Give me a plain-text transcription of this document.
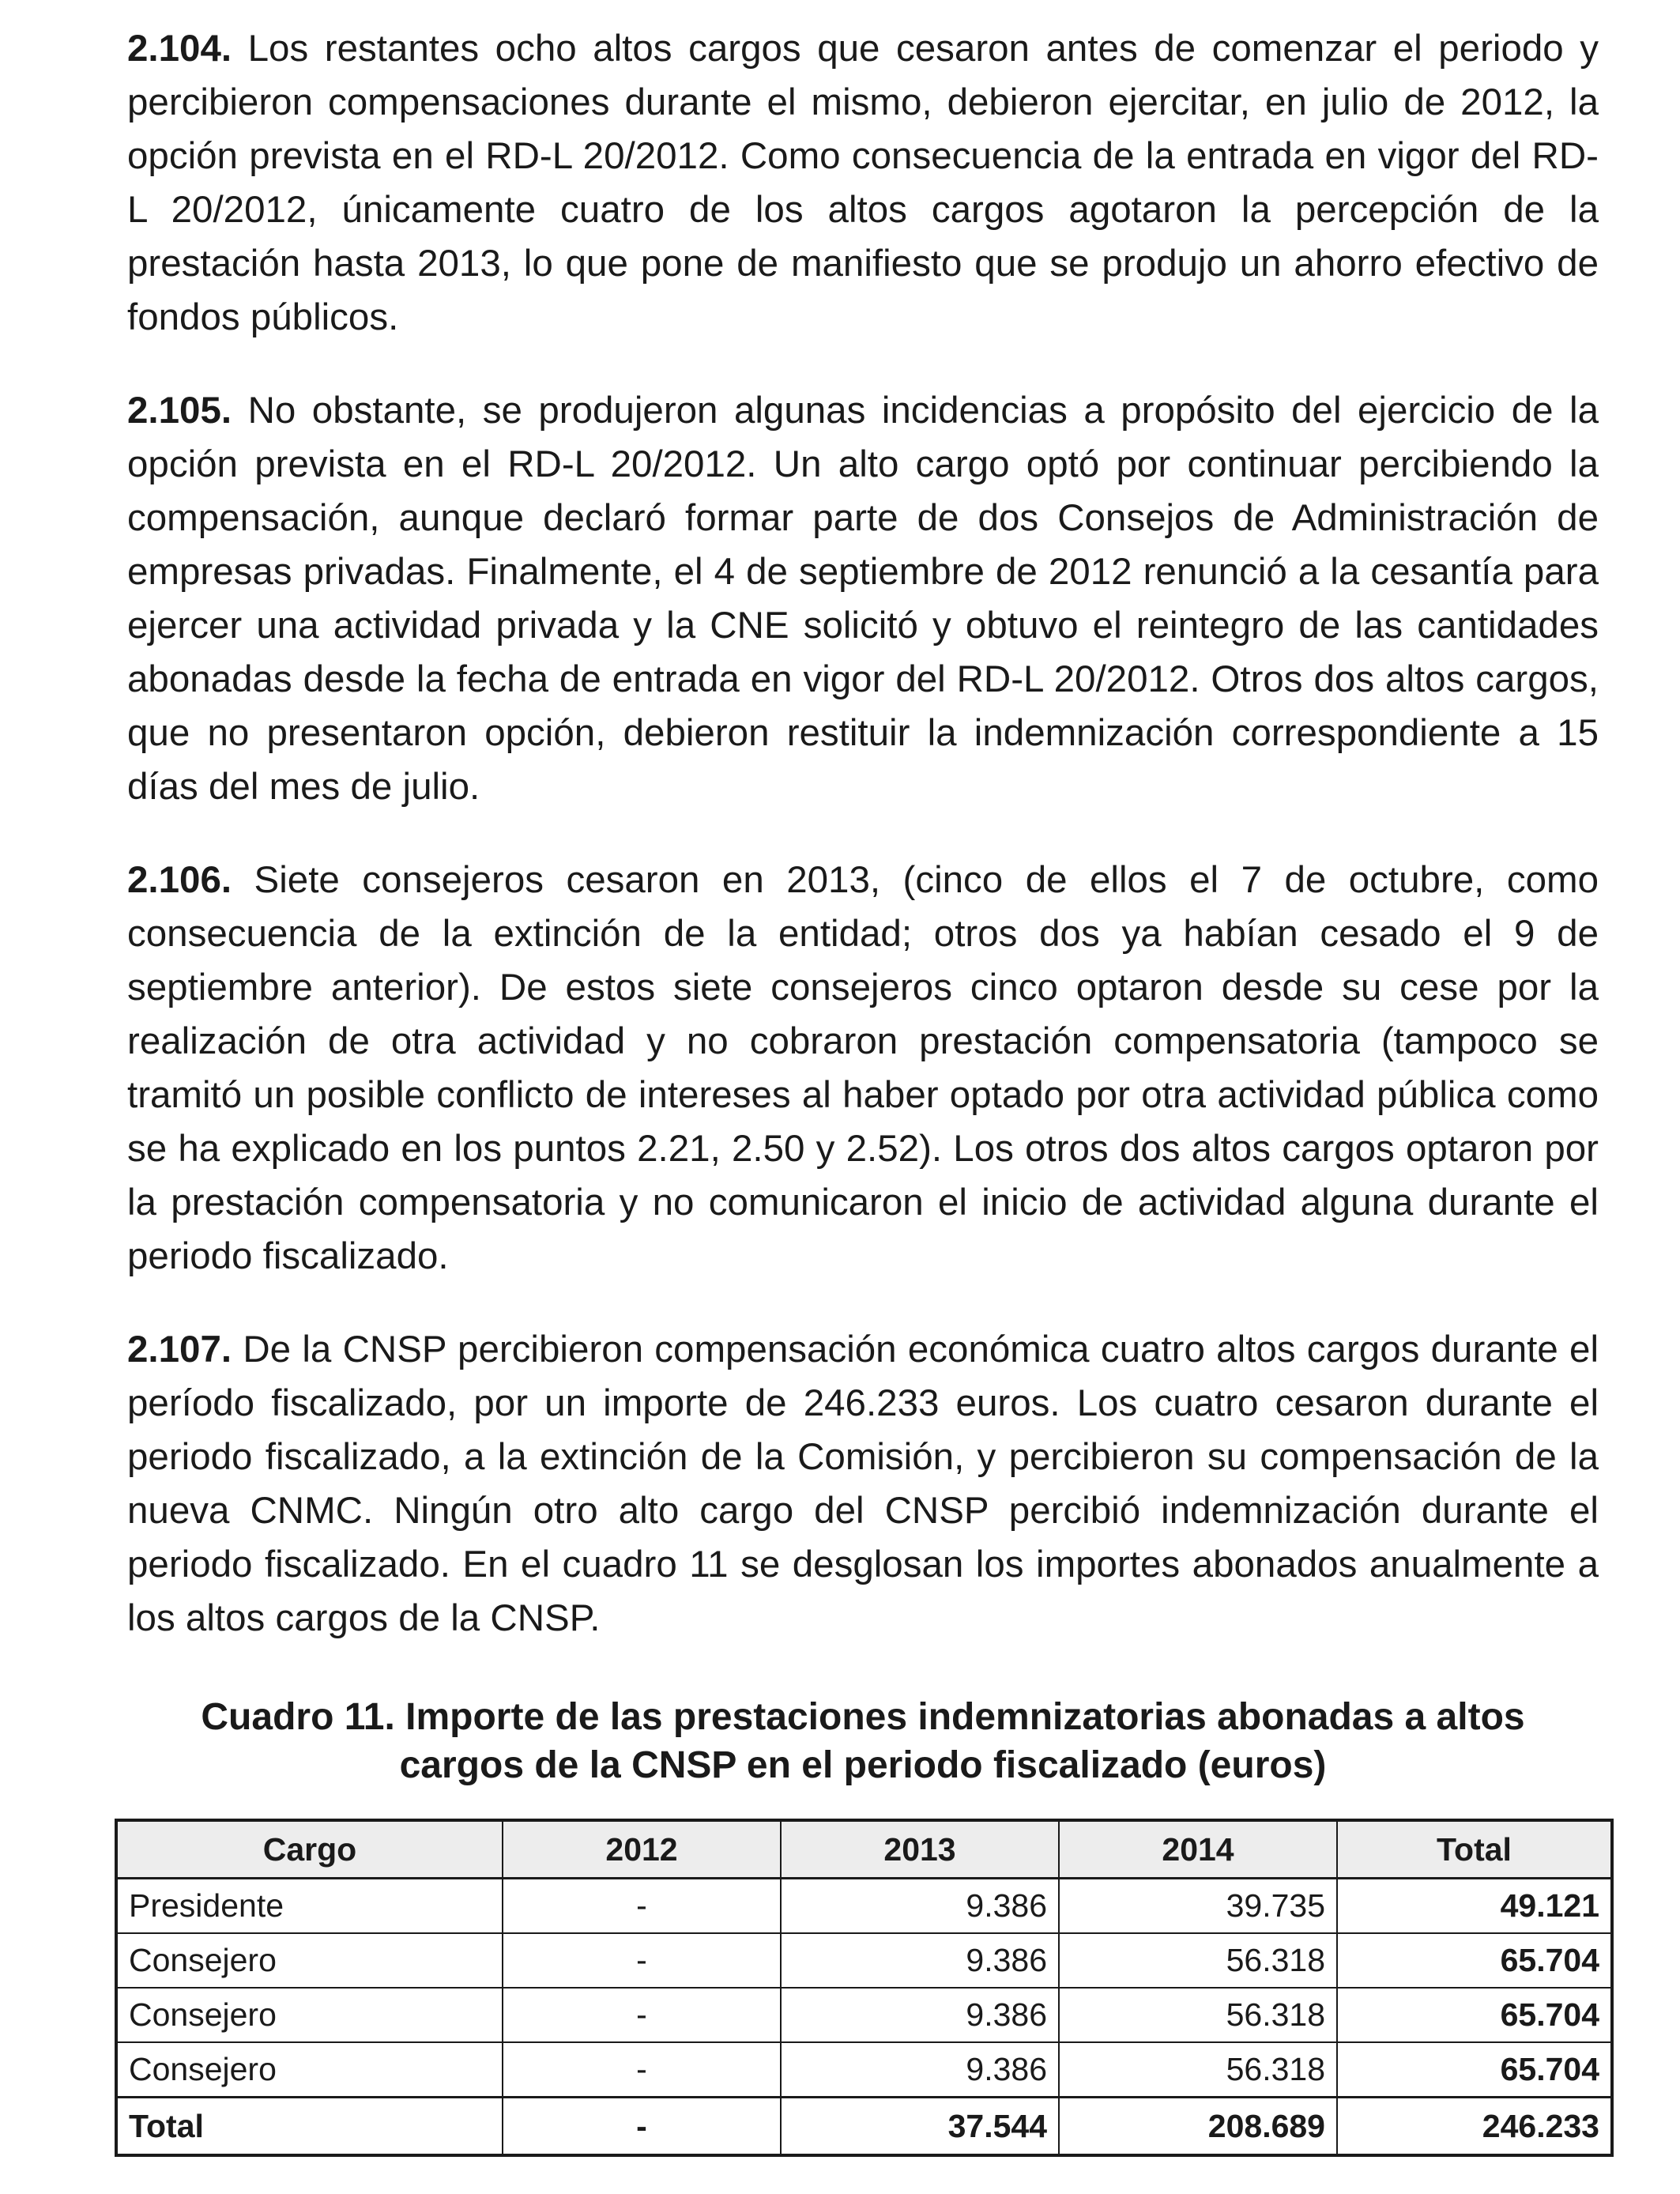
2.104. Los restantes ocho altos cargos que cesaron antes de comenzar el periodo y percibieron compensaciones durante el mismo, debieron ejercitar, en julio de 2012, la opción prevista en el RD-L 20/2012. Como consecuencia de la entrada en vigor del RD-L 20/2012, únicamente cuatro de los altos cargos agotaron la percepción de la prestación hasta 2013, lo que pone de manifiesto que se produjo un ahorro efectivo de fondos públicos.

2.105. No obstante, se produjeron algunas incidencias a propósito del ejercicio de la opción prevista en el RD-L 20/2012. Un alto cargo optó por continuar percibiendo la compensación, aunque declaró formar parte de dos Consejos de Administración de empresas privadas. Finalmente, el 4 de septiembre de 2012 renunció a la cesantía para ejercer una actividad privada y la CNE solicitó y obtuvo el reintegro de las cantidades abonadas desde la fecha de entrada en vigor del RD-L 20/2012. Otros dos altos cargos, que no presentaron opción, debieron restituir la indemnización correspondiente a 15 días del mes de julio.

2.106. Siete consejeros cesaron en 2013, (cinco de ellos el 7 de octubre, como consecuencia de la extinción de la entidad; otros dos ya habían cesado el 9 de septiembre anterior). De estos siete consejeros cinco optaron desde su cese por la realización de otra actividad y no cobraron prestación compensatoria (tampoco se tramitó un posible conflicto de intereses al haber optado por otra actividad pública como se ha explicado en los puntos 2.21, 2.50 y 2.52). Los otros dos altos cargos optaron por la prestación compensatoria y no comunicaron el inicio de actividad alguna durante el periodo fiscalizado.

2.107. De la CNSP percibieron compensación económica cuatro altos cargos durante el período fiscalizado, por un importe de 246.233 euros. Los cuatro cesaron durante el periodo fiscalizado, a la extinción de la Comisión, y percibieron su compensación de la nueva CNMC. Ningún otro alto cargo del CNSP percibió indemnización durante el periodo fiscalizado. En el cuadro 11 se desglosan los importes abonados anualmente a los altos cargos de la CNSP.

Cuadro 11. Importe de las prestaciones indemnizatorias abonadas a altos cargos de la CNSP en el periodo fiscalizado (euros)
Cargo	2012	2013	2014	Total
Presidente	-	9.386	39.735	49.121
Consejero	-	9.386	56.318	65.704
Consejero	-	9.386	56.318	65.704
Consejero	-	9.386	56.318	65.704
Total	-	37.544	208.689	246.233
